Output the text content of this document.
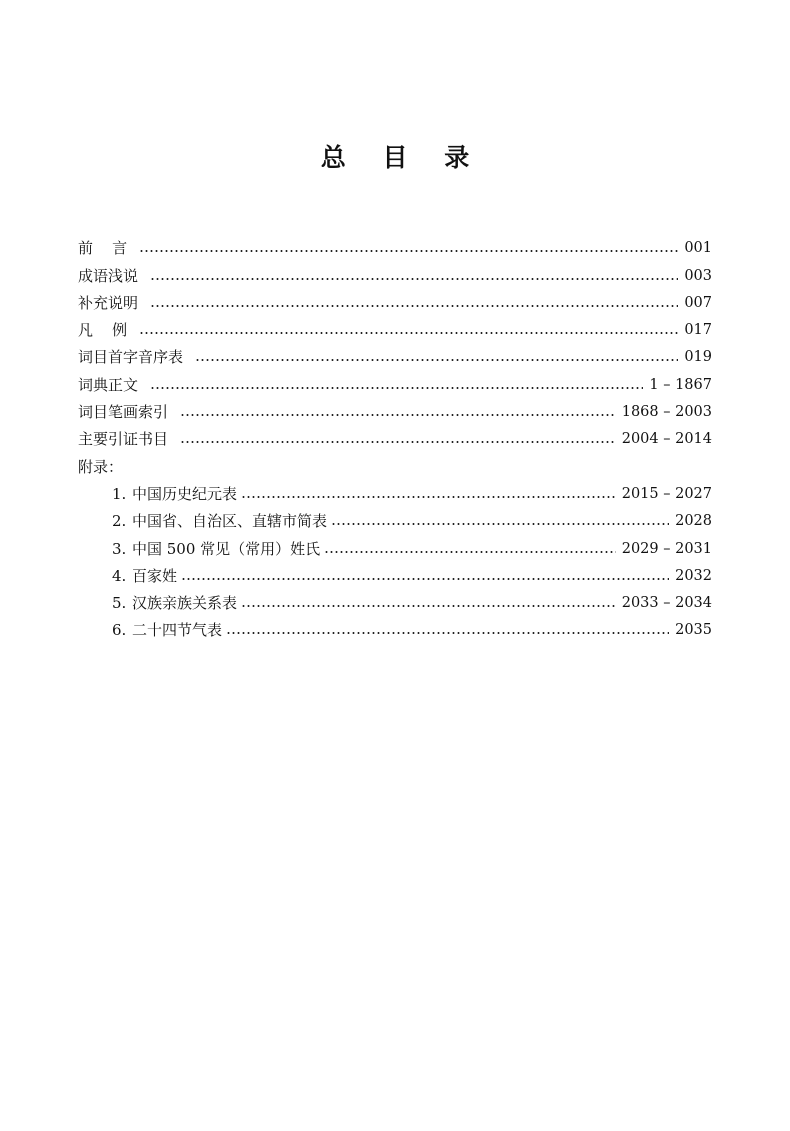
总 目 录
前    言	001
成语浅说	003
补充说明	007
凡    例	017
词目首字音序表	019
词典正文	1 – 1867
词目笔画索引	1868 – 2003
主要引证书目	2004 – 2014
附录：
1. 中国历史纪元表	2015 – 2027
2. 中国省、自治区、直辖市简表	2028
3. 中国 500 常见（常用）姓氏	2029 – 2031
4. 百家姓	2032
5. 汉族亲族关系表	2033 – 2034
6. 二十四节气表	2035
